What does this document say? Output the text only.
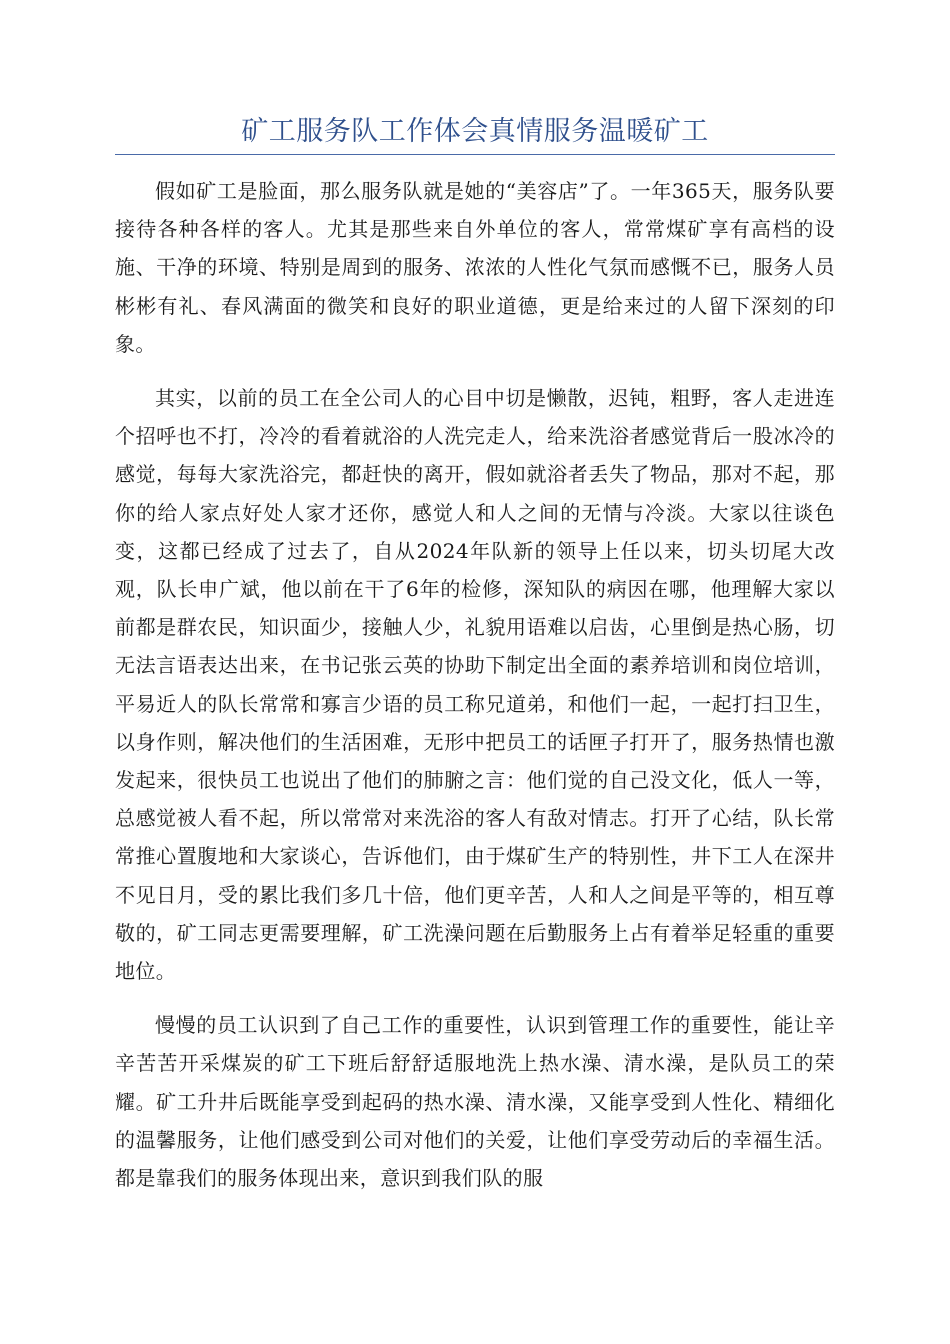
矿工服务队工作体会真情服务温暖矿工

假如矿工是脸面，那么服务队就是她的“美容店”了。一年365天，服务队要接待各种各样的客人。尤其是那些来自外单位的客人，常常煤矿享有高档的设施、干净的环境、特别是周到的服务、浓浓的人性化气氛而感慨不已，服务人员彬彬有礼、春风满面的微笑和良好的职业道德，更是给来过的人留下深刻的印象。

其实，以前的员工在全公司人的心目中切是懒散，迟钝，粗野，客人走进连个招呼也不打，冷冷的看着就浴的人洗完走人，给来洗浴者感觉背后一股冰冷的感觉，每每大家洗浴完，都赶快的离开，假如就浴者丢失了物品，那对不起，那你的给人家点好处人家才还你，感觉人和人之间的无情与冷淡。大家以往谈色变，这都已经成了过去了，自从2024年队新的领导上任以来，切头切尾大改观，队长申广斌，他以前在干了6年的检修，深知队的病因在哪，他理解大家以前都是群农民，知识面少，接触人少，礼貌用语难以启齿，心里倒是热心肠，切无法言语表达出来，在书记张云英的协助下制定出全面的素养培训和岗位培训，平易近人的队长常常和寡言少语的员工称兄道弟，和他们一起，一起打扫卫生，以身作则，解决他们的生活困难，无形中把员工的话匣子打开了，服务热情也激发起来，很快员工也说出了他们的肺腑之言：他们觉的自己没文化，低人一等，总感觉被人看不起，所以常常对来洗浴的客人有敌对情志。打开了心结，队长常常推心置腹地和大家谈心，告诉他们，由于煤矿生产的特别性，井下工人在深井不见日月，受的累比我们多几十倍，他们更辛苦，人和人之间是平等的，相互尊敬的，矿工同志更需要理解，矿工洗澡问题在后勤服务上占有着举足轻重的重要地位。

慢慢的员工认识到了自己工作的重要性，认识到管理工作的重要性，能让辛辛苦苦开采煤炭的矿工下班后舒舒适服地洗上热水澡、清水澡，是队员工的荣耀。矿工升井后既能享受到起码的热水澡、清水澡，又能享受到人性化、精细化的温馨服务，让他们感受到公司对他们的关爱，让他们享受劳动后的幸福生活。都是靠我们的服务体现出来，意识到我们队的服
